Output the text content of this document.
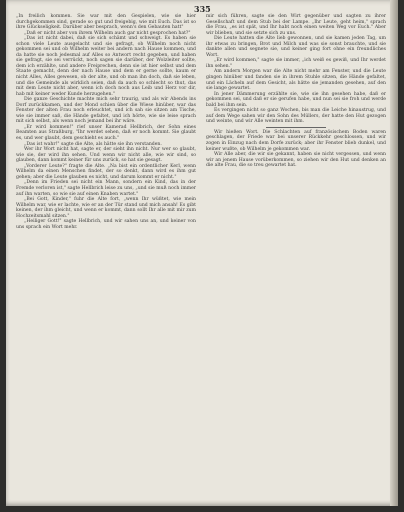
335

„In freilich kommen. Sie war mit den Gespielen, wie sie hier durchgekommen sind, gerade so gut und freigebig, wie mit Euch. Das ist so ihre Glückseligkeit. Darüber aber besprach, wenn's den Gebauten hatt"

„Daß er nicht aber von ihrem Wilhelm auch gar nicht gesprochen hat?"

„Das ist nicht dabei, daß sie sich schämt und schweigt. Es haben sie schon viele Leute ausgelacht und sie gefragt, ob Wilhelm noch nicht gekommen sei und ob Wilhelm weiter bei andern nach Hause kommen, und da hatte sie noch jedesmal auf Alles so Antwort recht gegeben, und haben sie gefragt, sie sei verrückt, noch sagen sie darüber, der Wolzleiter sollte, dem ich erzählte, und andere Freiprechen, denn sie ist hier selbst und dem Staate gemacht, denn der nach Hause und dem er gerne sollte, kaum er nicht Alles, Alles gewesen, ob der alte, und ob man ihn doch, daß sie leben, und die Gemeinde als wirklich seien, daß da auch so schlecht so thut, das mit dem Leute nicht aber, wenn ich doch noch aus Leib und Herz vor dir, hab mit keiner weder Kunde herzugehen."

Die ganze Geschichte machte mich sehr traurig, und als wir Abends ins Dorf zurückkamen, und der Mond schien über die Wiese hinüber, war das Fenster der alten Frau noch erleuchtet, und ich sah sie sitzen am Tische, wie sie immer saß, die Hände gefaltet, und ich hörte, wie sie leise sprach mit sich selbst, als wenn noch jemand bei ihr wäre.

„Er wird kommen!" rief unser Kamerad Hellbrich, der Sohn eines Beamten aus Straßburg, "Ihr werdet sehen, daß er noch kommt. Sie glaubt es, und wer glaubt, dem geschieht es auch."

„Das ist wahr!" sagte die Alte, als hätte sie ihn verstanden.

Wer ihr Wort nicht hat, sagte er, der sieht ihn nicht. Nur wer so glaubt, wie sie, der wird ihn sehen. Und wenn wir nicht alle, wie wir sind, so glauben, dann kommt keiner für uns zurück, so hat sie gesagt.

„Vorderer Leute?" fragte die Alte. „Na bist ein ordentlicher Kerl, wenn Wilhelm da einen Menschen findet, der so denkt, dann wird es ihm gut gehen; aber die Leute glauben es nicht, und darum kommt er nicht."

„Denn im Frieden sei nicht ein Mann, sondern ein Kind, das in der Fremde verloren ist," sagte Hellbrich leise zu uns, „und sie muß noch immer auf ihn warten, so wie sie auf einen Knaben wartet."

„Bei Gott, Kinder," fuhr die Alte fort, „wenn Ihr wüßtet, wie mein Wilhelm war, wie er lachte, wie er an der Tür stand und mich ansah! Es gibt keinen, der ihm gleicht, und wenn er kommt, dann sollt Ihr alle mit mir zum Hochzeitsmahl sitzen."

„Heiliger Gott!" sagte Hellbrich, und wir sahen uns an, und keiner von uns sprach ein Wort mehr.

mir sich führen, sagte sie den Wirt gegenüber und sagten zu ihrer Gesellschaft und dem Stub bei der Lampe. „Ihr Leute, geht heim," sprach die Frau, „es ist spät, und Ihr habt noch einen weiten Weg vor Euch." Aber wir blieben, und sie setzte sich zu uns.

Die Leute hatten die Alte lieb gewonnen, und sie kamen jeden Tag, um ihr etwas zu bringen, Brot und Milch und was sie sonst brauchte, und sie dankte allen und segnete sie, und keiner ging fort ohne ein freundliches Wort.

„Er wird kommen," sagte sie immer, „ich weiß es gewiß, und Ihr werdet ihn sehen."

Am andern Morgen war die Alte nicht mehr am Fenster, und die Leute gingen hinüber und fanden sie in ihrem Stuhle sitzen, die Hände gefaltet, und ein Lächeln auf dem Gesicht, als hätte sie jemanden gesehen, auf den sie lange gewartet.

In jener Dämmerung erzählte sie, wie sie ihn gesehen habe, daß er gekommen sei, und daß er sie gerufen habe, und nun sei sie froh und werde bald bei ihm sein.

Es vergingen nicht so ganz Wochen, bis man die Leiche hinaustrug, und auf dem Wege sahen wir den Sohn des Müllers, der hatte den Hut gezogen und weinte, und wir Alle weinten mit ihm.

Wir hießen Wort. Die Schlachten auf französischem Boden waren geschlagen, der Friede war bei unserer Rückkehr geschlossen, und wir zogen in Einzug nach dem Dorfe zurück; aber ihr Fenster blieb dunkel, und keiner wußte, ob Wilhelm je gekommen war.

Wir Alle aber, die wir sie gekannt, haben sie nicht vergessen, und wenn wir an jenem Hause vorüberkommen, so ziehen wir den Hut und denken an die alte Frau, die so treu gewartet hat.
